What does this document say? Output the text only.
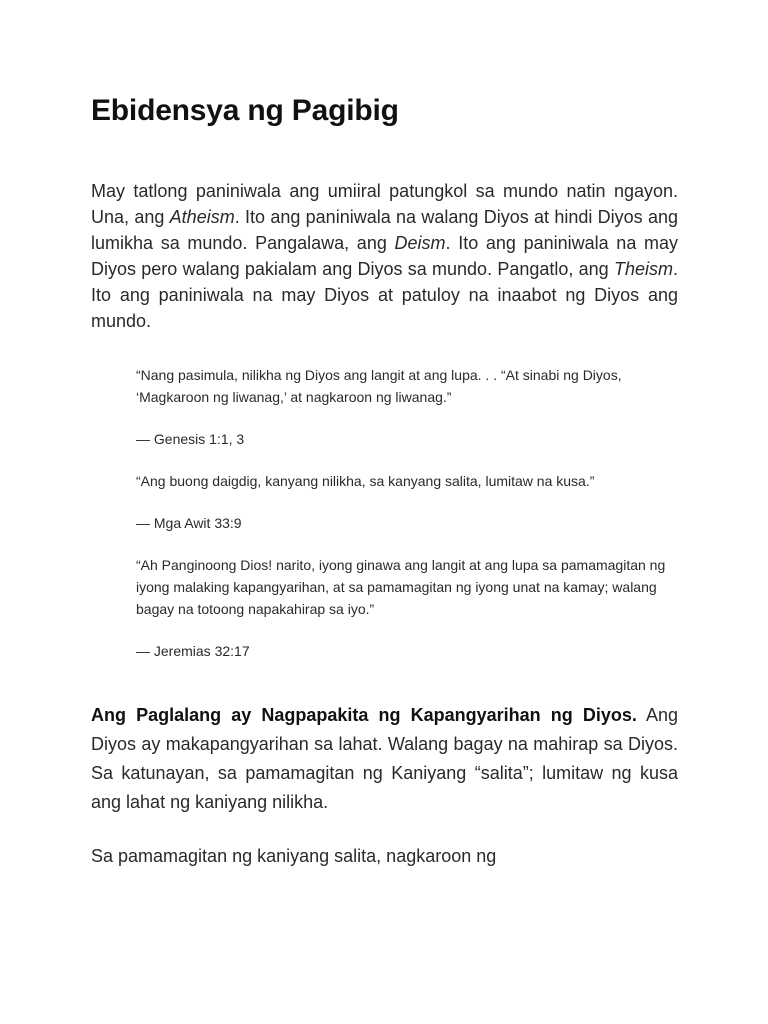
Ebidensya ng Pagibig

May tatlong paniniwala ang umiiral patungkol sa mundo natin ngayon. Una, ang Atheism. Ito ang paniniwala na walang Diyos at hindi Diyos ang lumikha sa mundo. Pangalawa, ang Deism. Ito ang paniniwala na may Diyos pero walang pakialam ang Diyos sa mundo. Pangatlo, ang Theism. Ito ang paniniwala na may Diyos at patuloy na inaabot ng Diyos ang mundo.

“Nang pasimula, nilikha ng Diyos ang langit at ang lupa. . . “At sinabi ng Diyos, ‘Magkaroon ng liwanag,’ at nagkaroon ng liwanag.”

— Genesis 1:1, 3

“Ang buong daigdig, kanyang nilikha, sa kanyang salita, lumitaw na kusa.”

— Mga Awit 33:9

“Ah Panginoong Dios! narito, iyong ginawa ang langit at ang lupa sa pamamagitan ng iyong malaking kapangyarihan, at sa pamamagitan ng iyong unat na kamay; walang bagay na totoong napakahirap sa iyo.”

— Jeremias 32:17

Ang Paglalang ay Nagpapakita ng Kapangyarihan ng Diyos. Ang Diyos ay makapangyarihan sa lahat. Walang bagay na mahirap sa Diyos. Sa katunayan, sa pamamagitan ng Kaniyang “salita”; lumitaw ng kusa ang lahat ng kaniyang nilikha.

Sa pamamagitan ng kaniyang salita, nagkaroon ng
